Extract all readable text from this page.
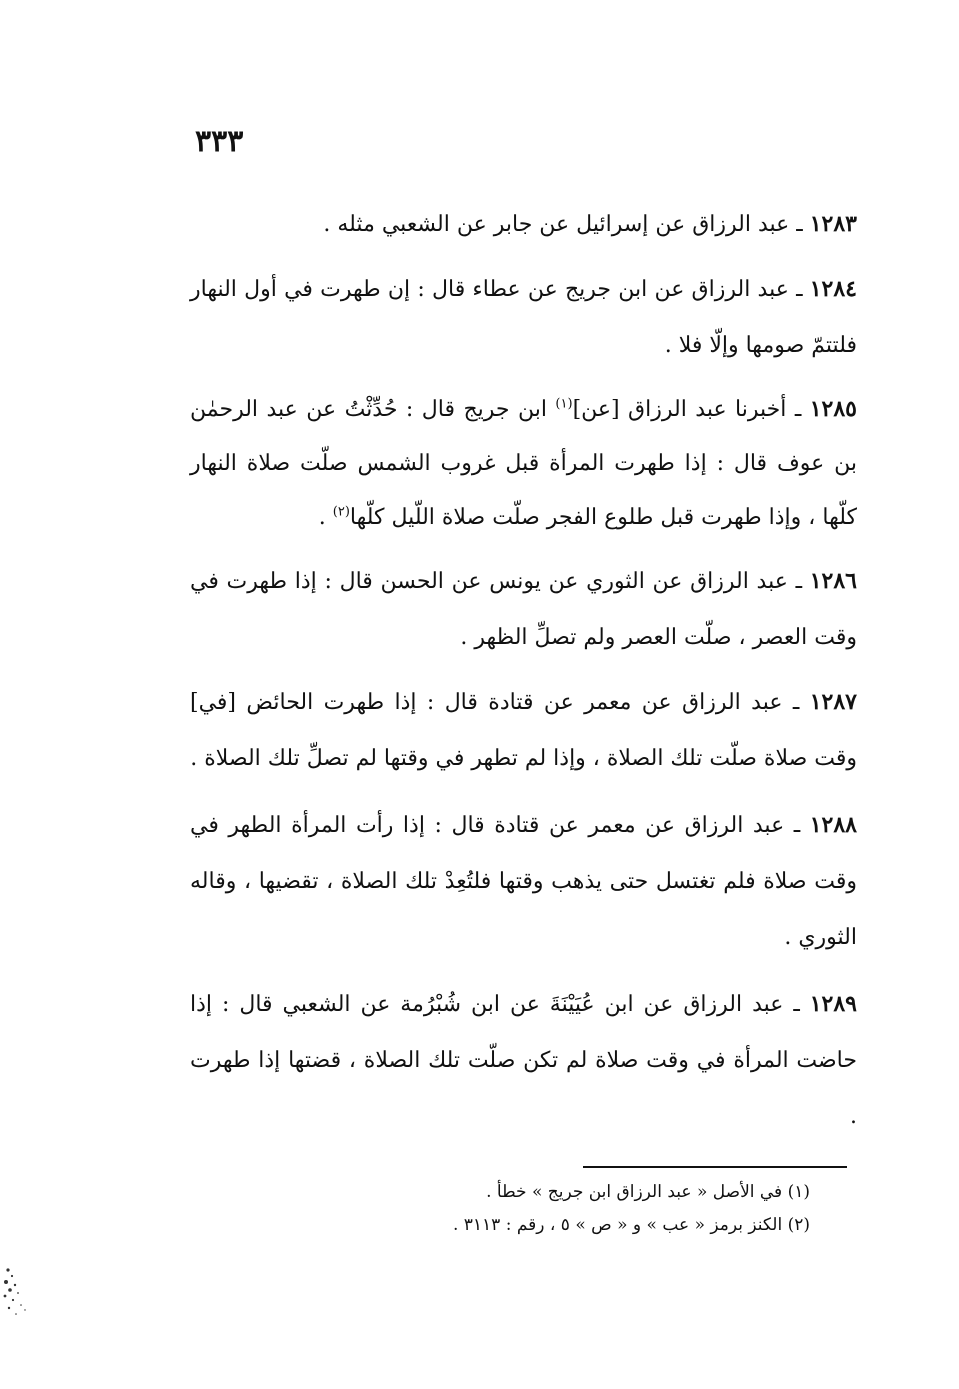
٣٣٣

١٢٨٣ ـ عبد الرزاق عن إسرائيل عن جابر عن الشعبي مثله .

١٢٨٤ ـ عبد الرزاق عن ابن جريج عن عطاء قال : إن طهرت في أول النهار فلتتمّ صومها وإلّا فلا .

١٢٨٥ ـ أخبرنا عبد الرزاق [عن]$^{(١)}$ ابن جريج قال : حُدِّثْتُ عن عبد الرحمٰن بن عوف قال : إذا طهرت المرأة قبل غروب الشمس صلّت صلاة النهار كلّها ، وإذا طهرت قبل طلوع الفجر صلّت صلاة اللّيل كلّها$^{(٢)}$ .

١٢٨٦ ـ عبد الرزاق عن الثوري عن يونس عن الحسن قال : إذا طهرت في وقت العصر ، صلّت العصر ولم تصلِّ الظهر .

١٢٨٧ ـ عبد الرزاق عن معمر عن قتادة قال : إذا طهرت الحائض [في] وقت صلاة صلّت تلك الصلاة ، وإذا لم تطهر في وقتها لم تصلِّ تلك الصلاة .

١٢٨٨ ـ عبد الرزاق عن معمر عن قتادة قال : إذا رأت المرأة الطهر في وقت صلاة فلم تغتسل حتى يذهب وقتها فلتُعِدْ تلك الصلاة ، تقضيها ، وقاله الثوري .

١٢٨٩ ـ عبد الرزاق عن ابن عُيَيْنَةَ عن ابن شُبْرُمة عن الشعبي قال : إذا حاضت المرأة في وقت صلاة لم تكن صلّت تلك الصلاة ، قضتها إذا طهرت .

(١) في الأصل « عبد الرزاق ابن جريج » خطأ .

(٢) الكنز برمز « عب » و « ص » ٥ ، رقم : ٣١١٣ .
